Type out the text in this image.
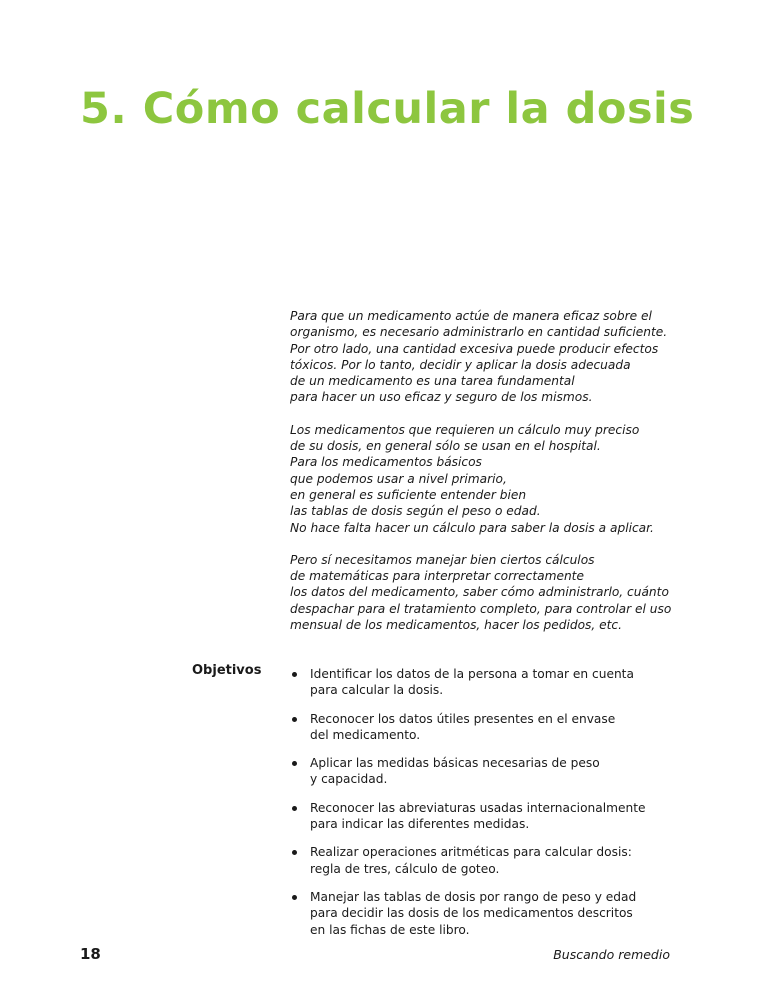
5. Cómo calcular la dosis

Para que un medicamento actúe de manera eficaz sobre el
organismo, es necesario administrarlo en cantidad suficiente.
Por otro lado, una cantidad excesiva puede producir efectos
tóxicos. Por lo tanto, decidir y aplicar la dosis adecuada
de un medicamento es una tarea fundamental
para hacer un uso eficaz y seguro de los mismos.

Los medicamentos que requieren un cálculo muy preciso
de su dosis, en general sólo se usan en el hospital.
Para los medicamentos básicos
que podemos usar a nivel primario,
en general es suficiente entender bien
las tablas de dosis según el peso o edad.
No hace falta hacer un cálculo para saber la dosis a aplicar.

Pero sí necesitamos manejar bien ciertos cálculos
de matemáticas para interpretar correctamente
los datos del medicamento, saber cómo administrarlo, cuánto
despachar para el tratamiento completo, para controlar el uso
mensual de los medicamentos, hacer los pedidos, etc.

Objetivos	Identificar los datos de la persona a tomar en cuenta
para calcular la dosis.
Reconocer los datos útiles presentes en el envase
del medicamento.
Aplicar las medidas básicas necesarias de peso
y capacidad.
Reconocer las abreviaturas usadas internacionalmente
para indicar las diferentes medidas.
Realizar operaciones aritméticas para calcular dosis:
regla de tres, cálculo de goteo.
Manejar las tablas de dosis por rango de peso y edad
para decidir las dosis de los medicamentos descritos
en las fichas de este libro.
18	Buscando remedio
